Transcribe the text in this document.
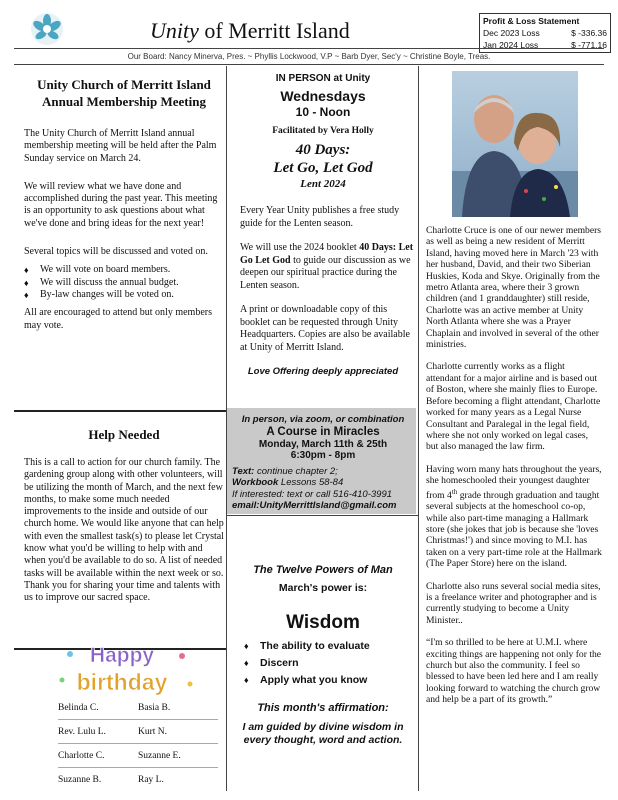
Unity of Merritt Island	Profit & Loss Statement
Dec 2023 Loss	$ -336.36
Jan 2024 Loss	$ -771.16
Our Board: Nancy Minerva, Pres. ~ Phyllis Lockwood, V.P ~ Barb Dyer, Sec'y ~ Christine Boyle, Treas.
Unity Church of Merritt Island Annual Membership Meeting

The Unity Church of Merritt Island annual membership meeting will be held after the Palm Sunday service on March 24.

We will review what we have done and accomplished during the past year. This meeting is an opportunity to ask questions about what we've done and bring ideas for the next year!

Several topics will be discussed and voted on.

♦ We will vote on board members.
♦ We will discuss the annual budget.
♦ By-law changes will be voted on.

All are encouraged to attend but only members may vote.

Help Needed

This is a call to action for our church family. The gardening group along with other volunteers, will be utilizing the month of March, and the next few months, to make some much needed improvements to the inside and outside of our church home. We would like anyone that can help with even the smallest task(s) to please let Crystal know what you'd be willing to help with and when you'd be available to do so. A list of needed tasks will be available within the next week or so. Thank you for sharing your time and talents with us to improve our sacred space.

Happy
birthday
Belinda C.	Basia B.
Rev. Lulu L.	Kurt N.
Charlotte C.	Suzanne E.
Suzanne B.	Ray L.
IN PERSON at Unity
Wednesdays
10 - Noon
Facilitated by Vera Holly
40 Days:
Let Go, Let God
Lent 2024

Every Year Unity publishes a free study guide for the Lenten season.

We will use the 2024 booklet 40 Days: Let Go Let God to guide our discussion as we deepen our spiritual practice during the Lenten season.

A print or downloadable copy of this booklet can be requested through Unity Headquarters. Copies are also be available at Unity of Merritt Island.

Love Offering deeply appreciated
In person, via zoom, or combination
A Course in Miracles
Monday, March 11th & 25th
6:30pm - 8pm
Text: continue chapter 2;
Workbook Lessons 58-84
If interested: text or call 516-410-3991
email:UnityMerrittIsland@gmail.com
The Twelve Powers of Man
March's power is:
Wisdom
♦ The ability to evaluate
♦ Discern
♦ Apply what you know
This month's affirmation:
I am guided by divine wisdom in every thought, word and action.

Charlotte Cruce is one of our newer members as well as being a new resident of Merritt Island, having moved here in March '23 with her husband, David, and their two Siberian Huskies, Koda and Skye. Originally from the metro Atlanta area, where their 3 grown children (and 1 granddaughter) still reside, Charlotte was an active member at Unity North Atlanta where she was a Prayer Chaplain and involved in several of the other ministries.

Charlotte currently works as a flight attendant for a major airline and is based out of Boston, where she mainly flies to Europe. Before becoming a flight attendant, Charlotte worked for many years as a Legal Nurse Consultant and Paralegal in the legal field, where she not only worked on legal cases, but also managed the law firm.

Having worn many hats throughout the years, she homeschooled their youngest daughter from 4th grade through graduation and taught several subjects at the homeschool co-op, while also part-time managing a Hallmark store (she jokes that job is because she 'loves Christmas!') and since moving to M.I. has taken on a very part-time role at the Hallmark (The Paper Store) here on the island.

Charlotte also runs several social media sites, is a freelance writer and photographer and is currently studying to become a Unity Minister..

“I'm so thrilled to be here at U.M.I. where exciting things are happening not only for the church but also the community. I feel so blessed to have been led here and I am really looking forward to watching the church grow and help be a part of its growth.”
